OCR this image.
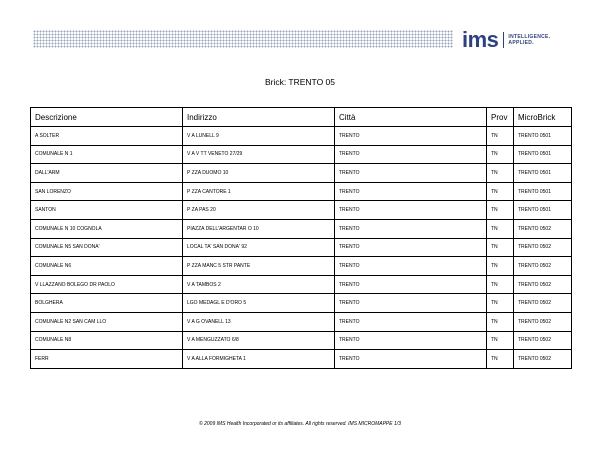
ims INTELLIGENCE.
APPLIED.
Brick: TRENTO 05
Descrizione	Indirizzo	Città	Prov	MicroBrick
A SOLTER	V A LUNELL 9	TRENTO	TN	TRENTO 0501
COMUNALE N 1	V A V TT VENETO 27/29	TRENTO	TN	TRENTO 0501
DALL'ARM	P ZZA DUOMO 10	TRENTO	TN	TRENTO 0501
SAN LORENZO	P ZZA CANTORE 1	TRENTO	TN	TRENTO 0501
SANTON	P ZA PAS 20	TRENTO	TN	TRENTO 0501
COMUNALE N 10 COGNOLA	PIAZZA DELL'ARGENTAR O 10	TRENTO	TN	TRENTO 0502
COMUNALE N5 SAN DONA'	LOCAL TA' SAN DONA' 92	TRENTO	TN	TRENTO 0502
COMUNALE N6	P ZZA MANC 5 STR PANTE	TRENTO	TN	TRENTO 0502
V LLAZZANO BOLEGO DR PAOLO	V A TAMBOS 2	TRENTO	TN	TRENTO 0502
BOLGHERA	LGO MEDAGL E D'ORO 5	TRENTO	TN	TRENTO 0502
COMUNALE N2 SAN CAM LLO	V A G OVANELL 13	TRENTO	TN	TRENTO 0502
COMUNALE N8	V A MENGUZZATO 6/8	TRENTO	TN	TRENTO 0502
FERR	V A ALLA FORMIGHETA 1	TRENTO	TN	TRENTO 0502
© 2009 IMS Health Incorporated or its affiliates. All rights reserved. IMS MICROMAPPE 1/3
